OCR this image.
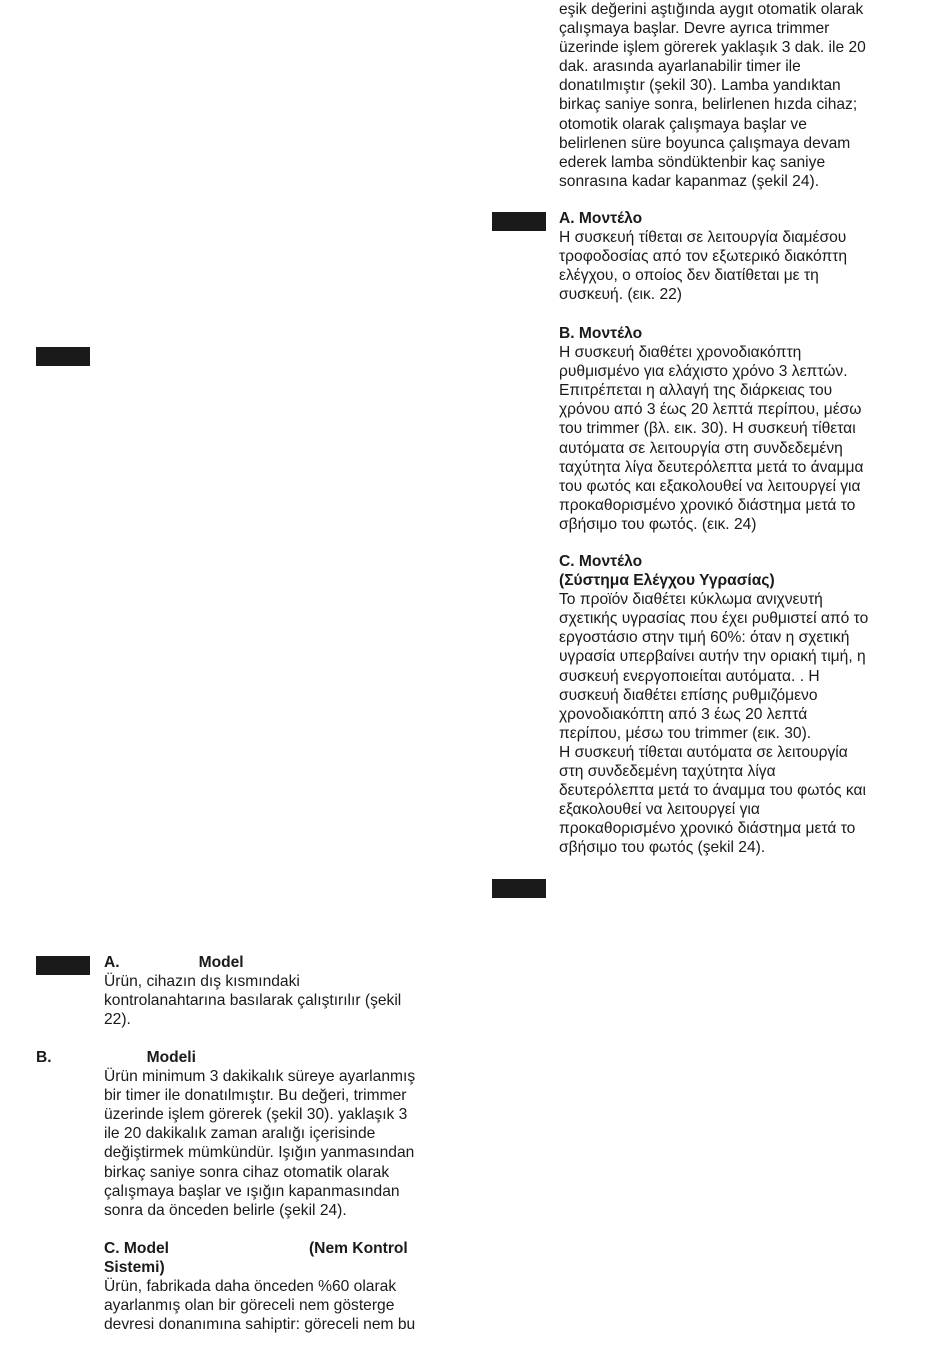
eşik değerini aştığında aygıt otomatik olarak
çalışmaya başlar. Devre ayrıca trimmer
üzerinde işlem görerek yaklaşık 3 dak. ile 20
dak. arasında ayarlanabilir timer ile
donatılmıştır (şekil 30). Lamba yandıktan
birkaç saniye sonra, belirlenen hızda cihaz;
otomotik olarak çalışmaya başlar ve
belirlenen süre boyunca çalışmaya devam
ederek lamba söndüktenbir kaç saniye
sonrasına kadar kapanmaz (şekil 24).

A. Μοντέλο

Η συσκευή τίθεται σε λειτουργία διαμέσου
τροφοδοσίας από τον εξωτερικό διακόπτη
ελέγχου, ο οποίος δεν διατίθεται με τη
συσκευή. (εικ. 22)

B. Μοντέλο

Η συσκευή διαθέτει χρονοδιακόπτη
ρυθμισμένο για ελάχιστο χρόνο 3 λεπτών.
Επιτρέπεται η αλλαγή της διάρκειας του
χρόνου από 3 έως 20 λεπτά περίπου, μέσω
του trimmer (βλ. εικ. 30). Η συσκευή τίθεται
αυτόματα σε λειτουργία στη συνδεδεμένη
ταχύτητα λίγα δευτερόλεπτα μετά το άναμμα
του φωτός και εξακολουθεί να λειτουργεί για
προκαθορισμένο χρονικό διάστημα μετά το
σβήσιμο του φωτός. (εικ. 24)

C. Μοντέλο

(Σύστημα Ελέγχου Υγρασίας)

Το προϊόν διαθέτει κύκλωμα ανιχνευτή
σχετικής υγρασίας που έχει ρυθμιστεί από το
εργοστάσιο στην τιμή 60%: όταν η σχετική
υγρασία υπερβαίνει αυτήν την οριακή τιμή, η
συσκευή ενεργοποιείται αυτόματα. . Η
συσκευή διαθέτει επίσης ρυθμιζόμενο
χρονοδιακόπτη από 3 έως 20 λεπτά
περίπου, μέσω του trimmer (εικ. 30).
Η συσκευή τίθεται αυτόματα σε λειτουργία
στη συνδεδεμένη ταχύτητα λίγα
δευτερόλεπτα μετά το άναμμα του φωτός και
εξακολουθεί να λειτουργεί για
προκαθορισμένο χρονικό διάστημα μετά το
σβήσιμο του φωτός (şekil 24).

A.	Model

Ürün, cihazın dış kısmındaki
kontrolanahtarına basılarak çalıştırılır (şekil
22).

B.	Modeli

Ürün minimum 3 dakikalık süreye ayarlanmış
bir timer ile donatılmıştır. Bu değeri, trimmer
üzerinde işlem görerek (şekil 30). yaklaşık 3
ile 20 dakikalık zaman aralığı içerisinde
değiştirmek mümkündür. Işığın yanmasından
birkaç saniye sonra cihaz otomatik olarak
çalışmaya başlar ve ışığın kapanmasından
sonra da önceden belirle (şekil 24).

C. Model	(Nem Kontrol

Sistemi)

Ürün, fabrikada daha önceden %60 olarak
ayarlanmış olan bir göreceli nem gösterge
devresi donanımına sahiptir: göreceli nem bu
